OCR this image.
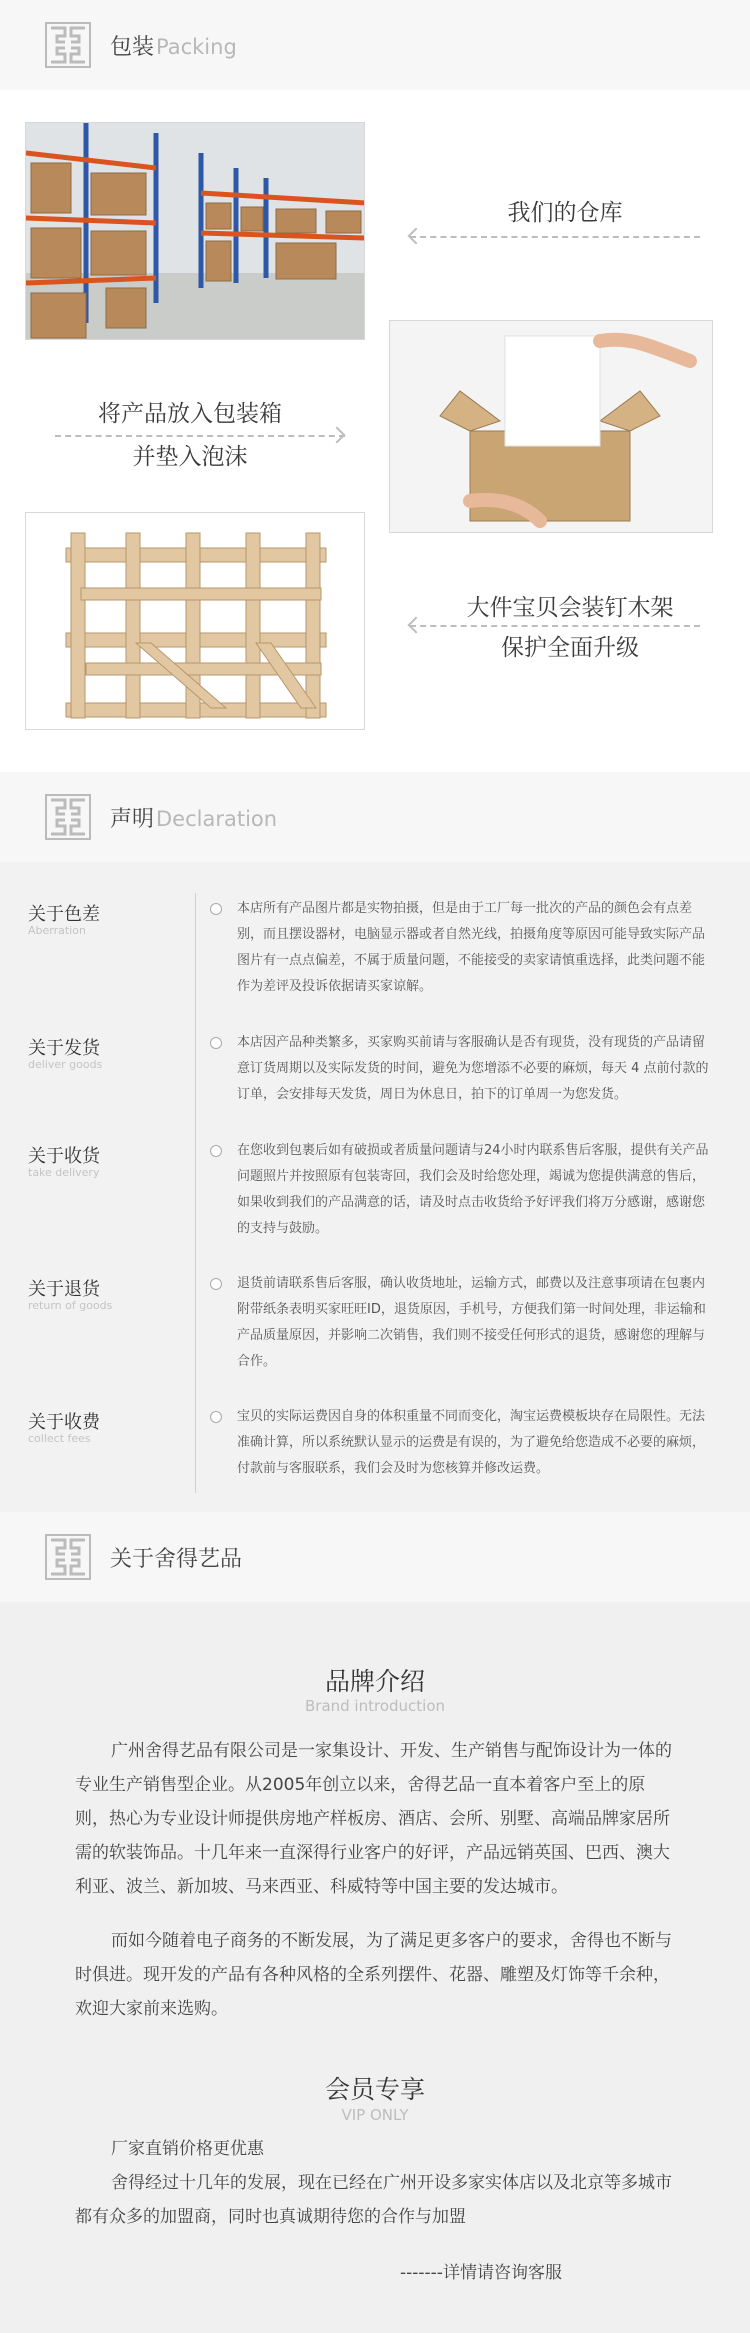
包装Packing
我们的仓库
将产品放入包装箱
并垫入泡沫
大件宝贝会装钉木架
保护全面升级
声明Declaration
关于色差
Aberration
本店所有产品图片都是实物拍摄，但是由于工厂每一批次的产品的颜色会有点差别，而且摆设器材，电脑显示器或者自然光线，拍摄角度等原因可能导致实际产品图片有一点点偏差，不属于质量问题，不能接受的卖家请慎重选择，此类问题不能作为差评及投诉依据请买家谅解。
关于发货
deliver goods
本店因产品种类繁多，买家购买前请与客服确认是否有现货，没有现货的产品请留意订货周期以及实际发货的时间，避免为您增添不必要的麻烦，每天 4 点前付款的订单，会安排每天发货，周日为休息日，拍下的订单周一为您发货。
关于收货
take delivery
在您收到包裹后如有破损或者质量问题请与24小时内联系售后客服，提供有关产品问题照片并按照原有包装寄回，我们会及时给您处理，竭诚为您提供满意的售后，如果收到我们的产品满意的话，请及时点击收货给予好评我们将万分感谢，感谢您的支持与鼓励。
关于退货
return of goods
退货前请联系售后客服，确认收货地址，运输方式，邮费以及注意事项请在包裹内附带纸条表明买家旺旺ID，退货原因，手机号，方便我们第一时间处理，非运输和产品质量原因，并影响二次销售，我们则不接受任何形式的退货，感谢您的理解与合作。
关于收费
collect fees
宝贝的实际运费因自身的体积重量不同而变化，淘宝运费模板块存在局限性。无法准确计算，所以系统默认显示的运费是有误的，为了避免给您造成不必要的麻烦，付款前与客服联系，我们会及时为您核算并修改运费。
关于舍得艺品
品牌介绍
Brand introduction
广州舍得艺品有限公司是一家集设计、开发、生产销售与配饰设计为一体的专业生产销售型企业。从2005年创立以来，舍得艺品一直本着客户至上的原则，热心为专业设计师提供房地产样板房、酒店、会所、别墅、高端品牌家居所需的软装饰品。十几年来一直深得行业客户的好评，产品远销英国、巴西、澳大利亚、波兰、新加坡、马来西亚、科威特等中国主要的发达城市。
而如今随着电子商务的不断发展，为了满足更多客户的要求，舍得也不断与时俱进。现开发的产品有各种风格的全系列摆件、花器、雕塑及灯饰等千余种，欢迎大家前来选购。
会员专享
VIP ONLY
厂家直销价格更优惠
舍得经过十几年的发展，现在已经在广州开设多家实体店以及北京等多城市都有众多的加盟商，同时也真诚期待您的合作与加盟
-------详情请咨询客服
